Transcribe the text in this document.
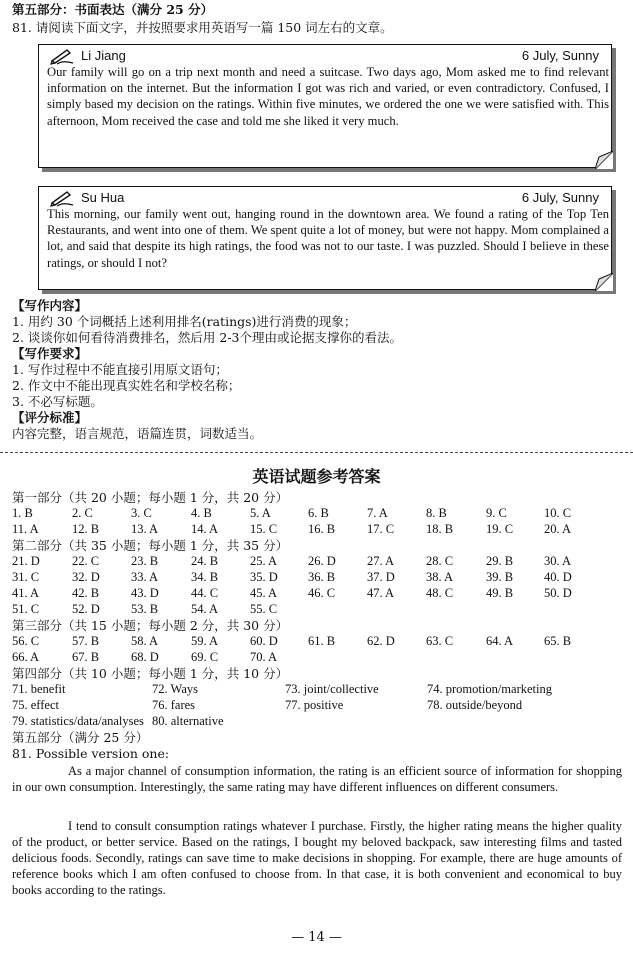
第五部分：书面表达（满分 25 分）
81. 请阅读下面文字，并按照要求用英语写一篇 150 词左右的文章。
Li Jiang	6 July, Sunny
Our family will go on a trip next month and need a suitcase. Two days ago, Mom asked me to find relevant information on the internet. But the information I got was rich and varied, or even contradictory. Confused, I simply based my decision on the ratings. Within five minutes, we ordered the one we were satisfied with. This afternoon, Mom received the case and told me she liked it very much.
Su Hua	6 July, Sunny
This morning, our family went out, hanging round in the downtown area. We found a rating of the Top Ten Restaurants, and went into one of them. We spent quite a lot of money, but were not happy. Mom complained a lot, and said that despite its high ratings, the food was not to our taste. I was puzzled. Should I believe in these ratings, or should I not?
【写作内容】
1. 用约 30 个词概括上述利用排名(ratings)进行消费的现象；
2. 谈谈你如何看待消费排名，然后用 2-3个理由或论据支撑你的看法。
【写作要求】
1. 写作过程中不能直接引用原文语句；
2. 作文中不能出现真实姓名和学校名称；
3. 不必写标题。
【评分标准】
内容完整，语言规范，语篇连贯，词数适当。
英语试题参考答案
第一部分（共 20 小题；每小题 1 分，共 20 分）
1. B	2. C	3. C	4. B	5. A	6. B	7. A	8. B	9. C	10. C
11. A	12. B	13. A	14. A	15. C 16. B	17. C	18. B	19. C 20. A
第二部分（共 35 小题；每小题 1 分，共 35 分）
21. D	22. C	23. B	24. B	25. A 26. D 27. A	28. C	29. B 30. A
31. C	32. D 33. A	34. B	35. D 36. B	37. D 38. A	39. B 40. D
41. A	42. B	43. D	44. C	45. A 46. C	47. A	48. C	49. B 50. D
51. C	52. D 53. B	54. A	55. C
第三部分（共 15 小题；每小题 2 分，共 30 分）
56. C	57. B	58. A	59. A	60. D 61. B	62. D 63. C	64. A 65. B
66. A	67. B	68. D	69. C	70. A
第四部分（共 10 小题；每小题 1 分，共 10 分）
71. benefit	72. Ways	73. joint/collective	74. promotion/marketing
75. effect	76. fares	77. positive	78. outside/beyond
79. statistics/data/analyses 80. alternative
第五部分（满分 25 分）
81. Possible version one:
As a major channel of consumption information, the rating is an efficient source of information for shopping in our own consumption. Interestingly, the same rating may have different influences on different consumers.
I tend to consult consumption ratings whatever I purchase. Firstly, the higher rating means the higher quality of the product, or better service. Based on the ratings, I bought my beloved backpack, saw interesting films and tasted delicious foods. Secondly, ratings can save time to make decisions in shopping. For example, there are huge amounts of reference books which I am often confused to choose from. In that case, it is both convenient and economical to buy books according to the ratings.
— 14 —
